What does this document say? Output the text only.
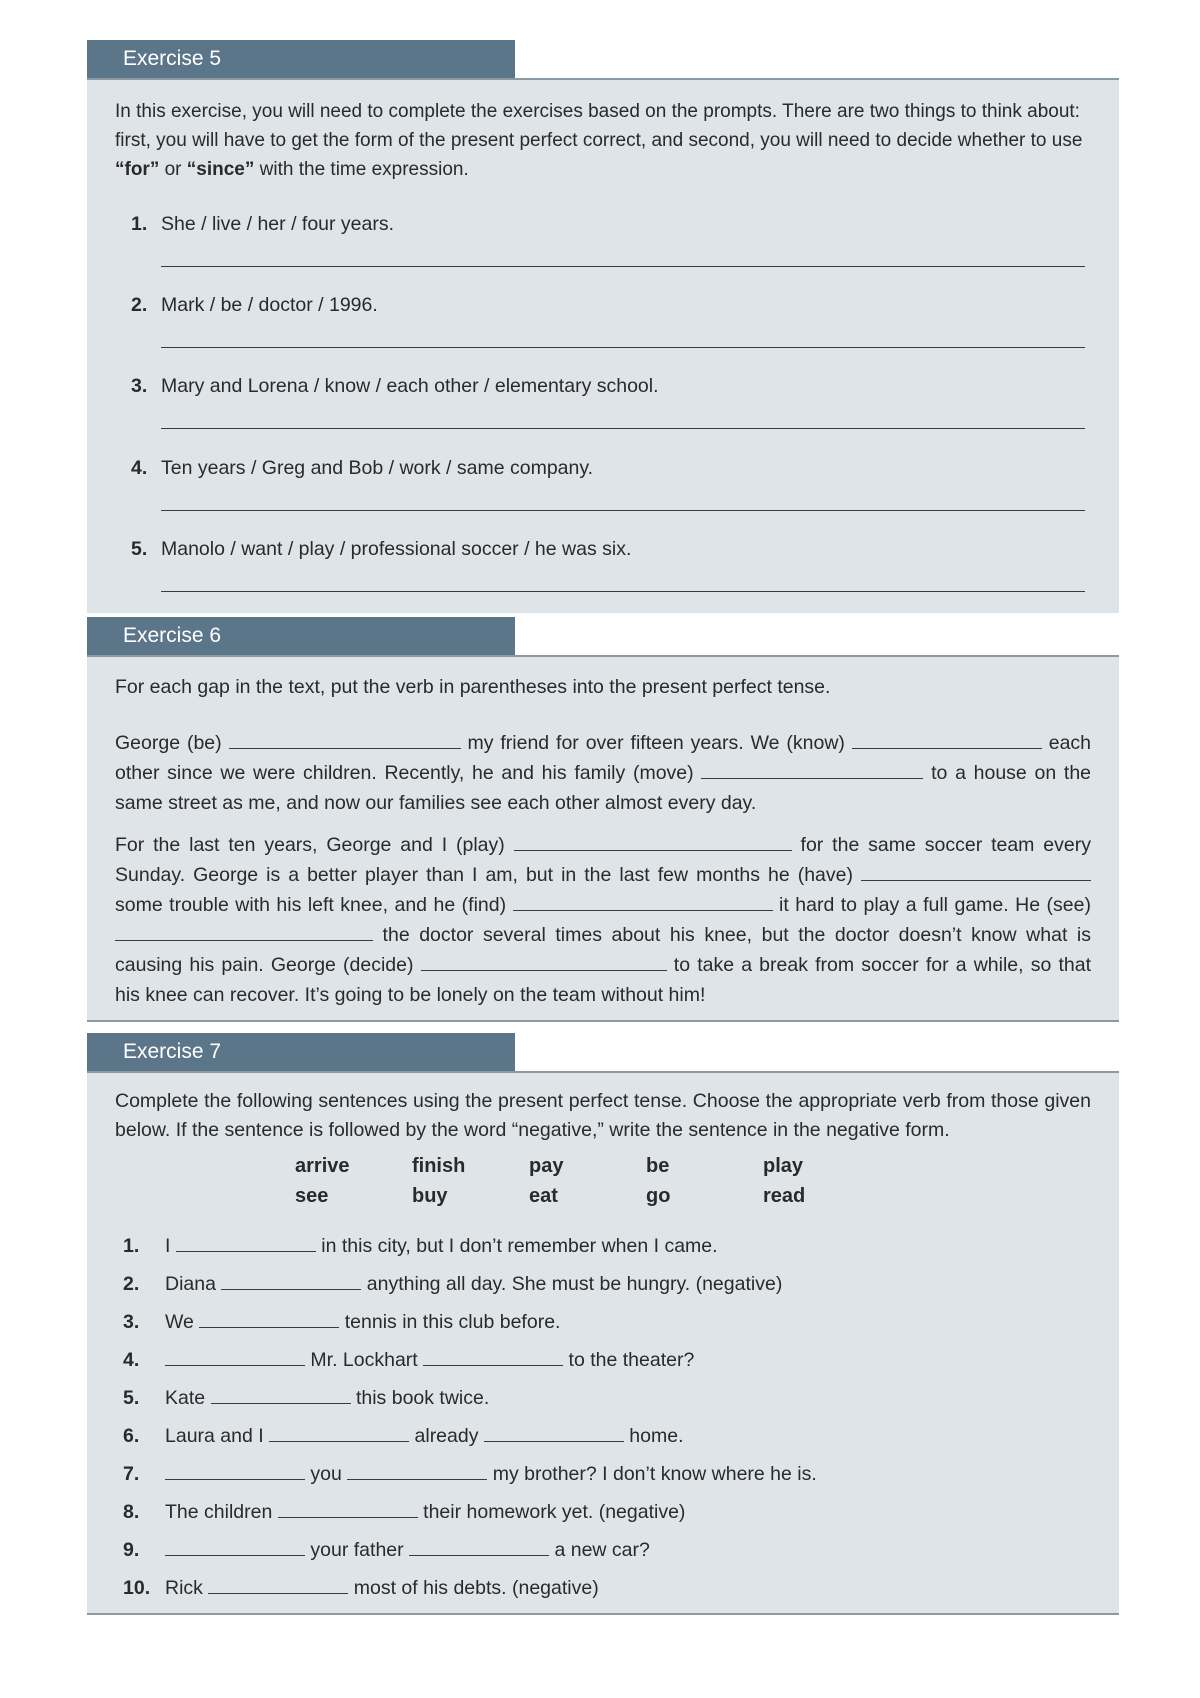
Exercise 5
In this exercise, you will need to complete the exercises based on the prompts. There are two things to think about: first, you will have to get the form of the present perfect correct, and second, you will need to decide whether to use “for” or “since” with the time expression.
1. She / live / her / four years.
2. Mark / be / doctor / 1996.
3. Mary and Lorena / know / each other / elementary school.
4. Ten years / Greg and Bob / work / same company.
5. Manolo / want / play / professional soccer / he was six.
Exercise 6
For each gap in the text, put the verb in parentheses into the present perfect tense.
George (be)	my friend for over fifteen years. We (know)	each other since we were children. Recently, he and his family (move)	to a house on the same street as me, and now our families see each other almost every day.
For the last ten years, George and I (play)	for the same soccer team every Sunday. George is a better player than I am, but in the last few months he (have)  some trouble with his left knee, and he (find)	it hard to play a full game. He (see)  the doctor several times about his knee, but the doctor doesn’t know what is causing his pain. George (decide)	to take a break from soccer for a while, so that his knee can recover. It’s going to be lonely on the team without him!
Exercise 7
Complete the following sentences using the present perfect tense. Choose the appropriate verb from those given below. If the sentence is followed by the word “negative,” write the sentence in the negative form.
arrive	finish	pay	be	play
see	buy	eat	go	read
1. I	in this city, but I don’t remember when I came.
2. Diana	anything all day. She must be hungry. (negative)
3. We	tennis in this club before.
4.	Mr. Lockhart	to the theater?
5. Kate	this book twice.
6. Laura and I	already	home.
7.	you	my brother? I don’t know where he is.
8. The children	their homework yet. (negative)
9.	your father	a new car?
10. Rick	most of his debts. (negative)
